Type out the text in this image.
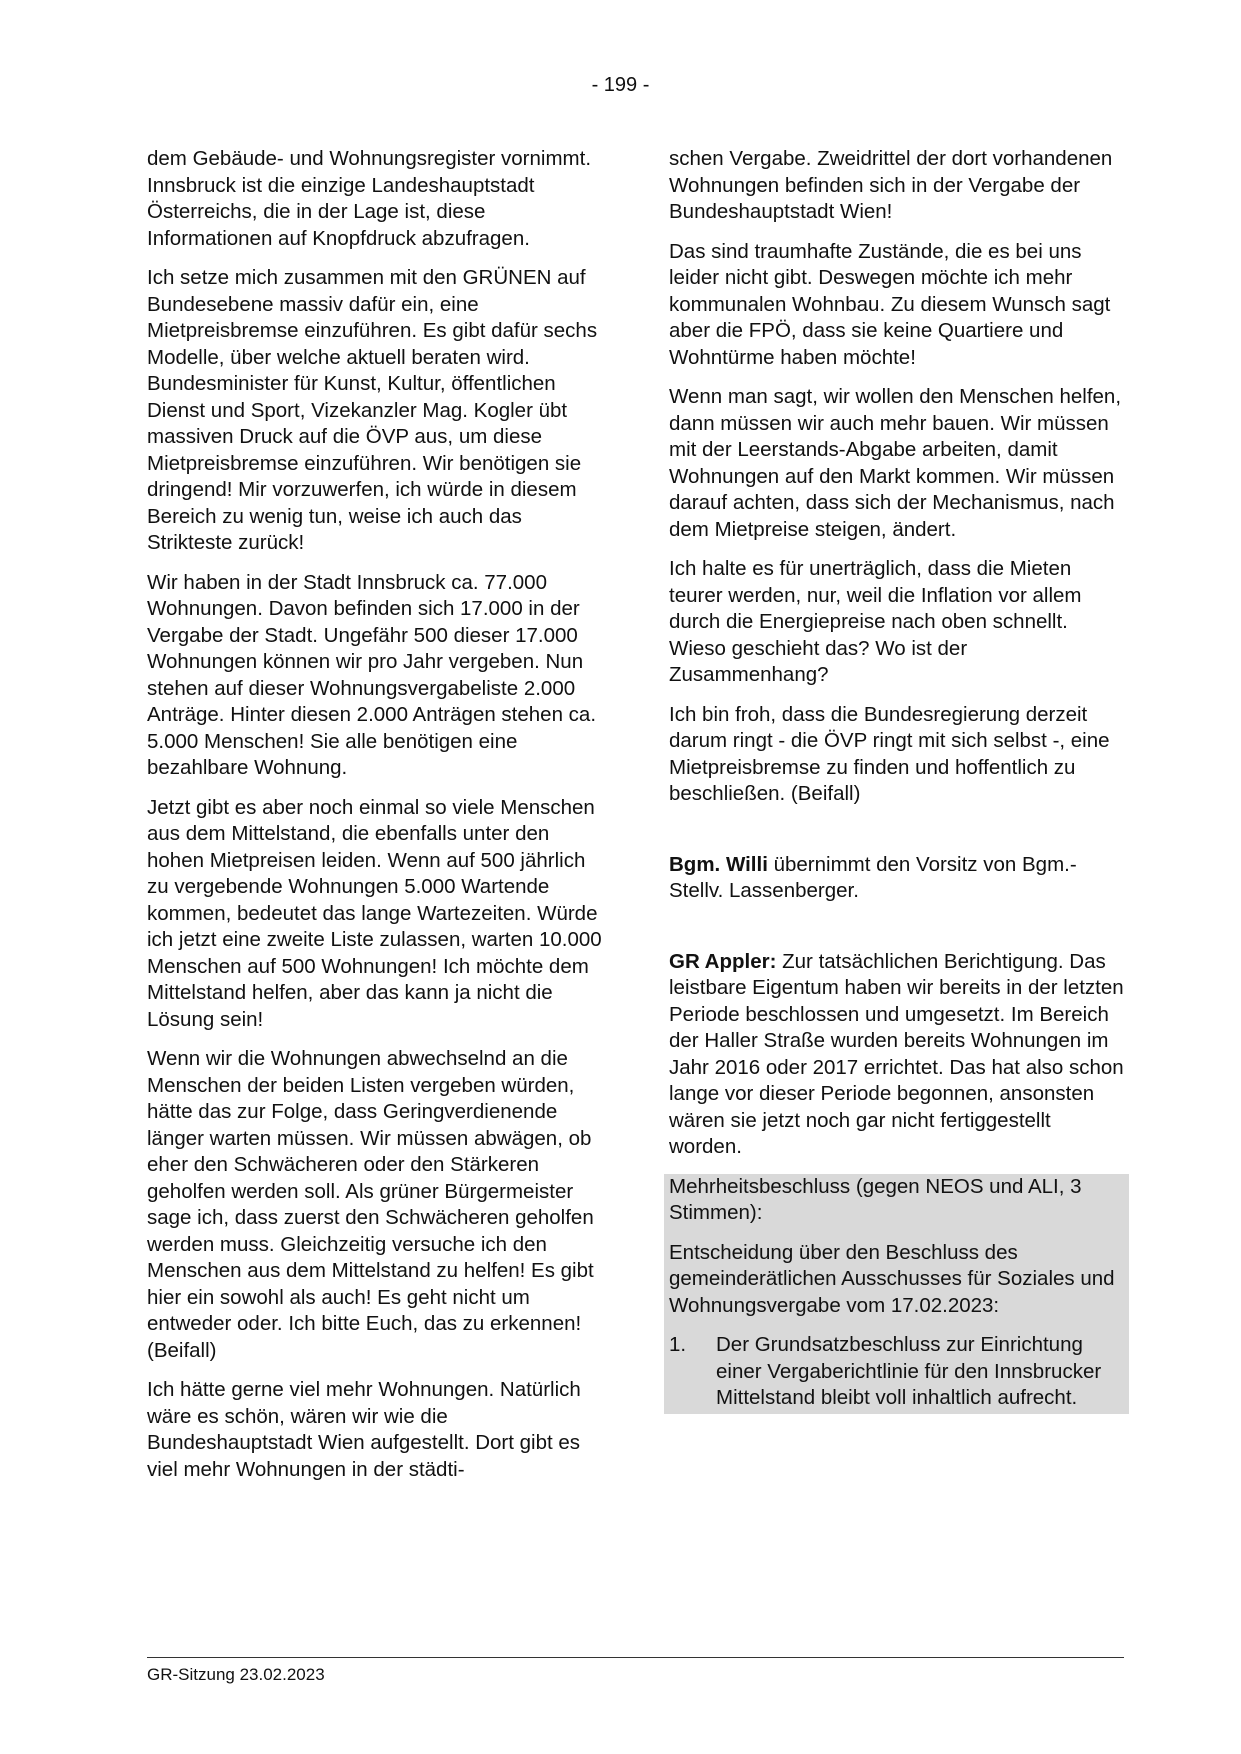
- 199 -

dem Gebäude- und Wohnungsregister vornimmt. Innsbruck ist die einzige Landeshauptstadt Österreichs, die in der Lage ist, diese Informationen auf Knopfdruck abzufragen.

Ich setze mich zusammen mit den GRÜNEN auf Bundesebene massiv dafür ein, eine Mietpreisbremse einzuführen. Es gibt dafür sechs Modelle, über welche aktuell beraten wird. Bundesminister für Kunst, Kultur, öffentlichen Dienst und Sport, Vizekanzler Mag. Kogler übt massiven Druck auf die ÖVP aus, um diese Mietpreisbremse einzuführen. Wir benötigen sie dringend! Mir vorzuwerfen, ich würde in diesem Bereich zu wenig tun, weise ich auch das Strikteste zurück!

Wir haben in der Stadt Innsbruck ca. 77.000 Wohnungen. Davon befinden sich 17.000 in der Vergabe der Stadt. Ungefähr 500 dieser 17.000 Wohnungen können wir pro Jahr vergeben. Nun stehen auf dieser Wohnungsvergabeliste 2.000 Anträge. Hinter diesen 2.000 Anträgen stehen ca. 5.000 Menschen! Sie alle benötigen eine bezahlbare Wohnung.

Jetzt gibt es aber noch einmal so viele Menschen aus dem Mittelstand, die ebenfalls unter den hohen Mietpreisen leiden. Wenn auf 500 jährlich zu vergebende Wohnungen 5.000 Wartende kommen, bedeutet das lange Wartezeiten. Würde ich jetzt eine zweite Liste zulassen, warten 10.000 Menschen auf 500 Wohnungen! Ich möchte dem Mittelstand helfen, aber das kann ja nicht die Lösung sein!

Wenn wir die Wohnungen abwechselnd an die Menschen der beiden Listen vergeben würden, hätte das zur Folge, dass Geringverdienende länger warten müssen. Wir müssen abwägen, ob eher den Schwächeren oder den Stärkeren geholfen werden soll. Als grüner Bürgermeister sage ich, dass zuerst den Schwächeren geholfen werden muss. Gleichzeitig versuche ich den Menschen aus dem Mittelstand zu helfen! Es gibt hier ein sowohl als auch! Es geht nicht um entweder oder. Ich bitte Euch, das zu erkennen! (Beifall)

Ich hätte gerne viel mehr Wohnungen. Natürlich wäre es schön, wären wir wie die Bundeshauptstadt Wien aufgestellt. Dort gibt es viel mehr Wohnungen in der städti-

schen Vergabe. Zweidrittel der dort vorhandenen Wohnungen befinden sich in der Vergabe der Bundeshauptstadt Wien!

Das sind traumhafte Zustände, die es bei uns leider nicht gibt. Deswegen möchte ich mehr kommunalen Wohnbau. Zu diesem Wunsch sagt aber die FPÖ, dass sie keine Quartiere und Wohntürme haben möchte!

Wenn man sagt, wir wollen den Menschen helfen, dann müssen wir auch mehr bauen. Wir müssen mit der Leerstands-Abgabe arbeiten, damit Wohnungen auf den Markt kommen. Wir müssen darauf achten, dass sich der Mechanismus, nach dem Mietpreise steigen, ändert.

Ich halte es für unerträglich, dass die Mieten teurer werden, nur, weil die Inflation vor allem durch die Energiepreise nach oben schnellt. Wieso geschieht das? Wo ist der Zusammenhang?

Ich bin froh, dass die Bundesregierung derzeit darum ringt - die ÖVP ringt mit sich selbst -, eine Mietpreisbremse zu finden und hoffentlich zu beschließen. (Beifall)

Bgm. Willi übernimmt den Vorsitz von Bgm.-Stellv. Lassenberger.

GR Appler: Zur tatsächlichen Berichtigung. Das leistbare Eigentum haben wir bereits in der letzten Periode beschlossen und umgesetzt. Im Bereich der Haller Straße wurden bereits Wohnungen im Jahr 2016 oder 2017 errichtet. Das hat also schon lange vor dieser Periode begonnen, ansonsten wären sie jetzt noch gar nicht fertiggestellt worden.

Mehrheitsbeschluss (gegen NEOS und ALI, 3 Stimmen):

Entscheidung über den Beschluss des gemeinderätlichen Ausschusses für Soziales und Wohnungsvergabe vom 17.02.2023:

1.	Der Grundsatzbeschluss zur Einrichtung einer Vergaberichtlinie für den Innsbrucker Mittelstand bleibt voll inhaltlich aufrecht.
GR-Sitzung 23.02.2023
